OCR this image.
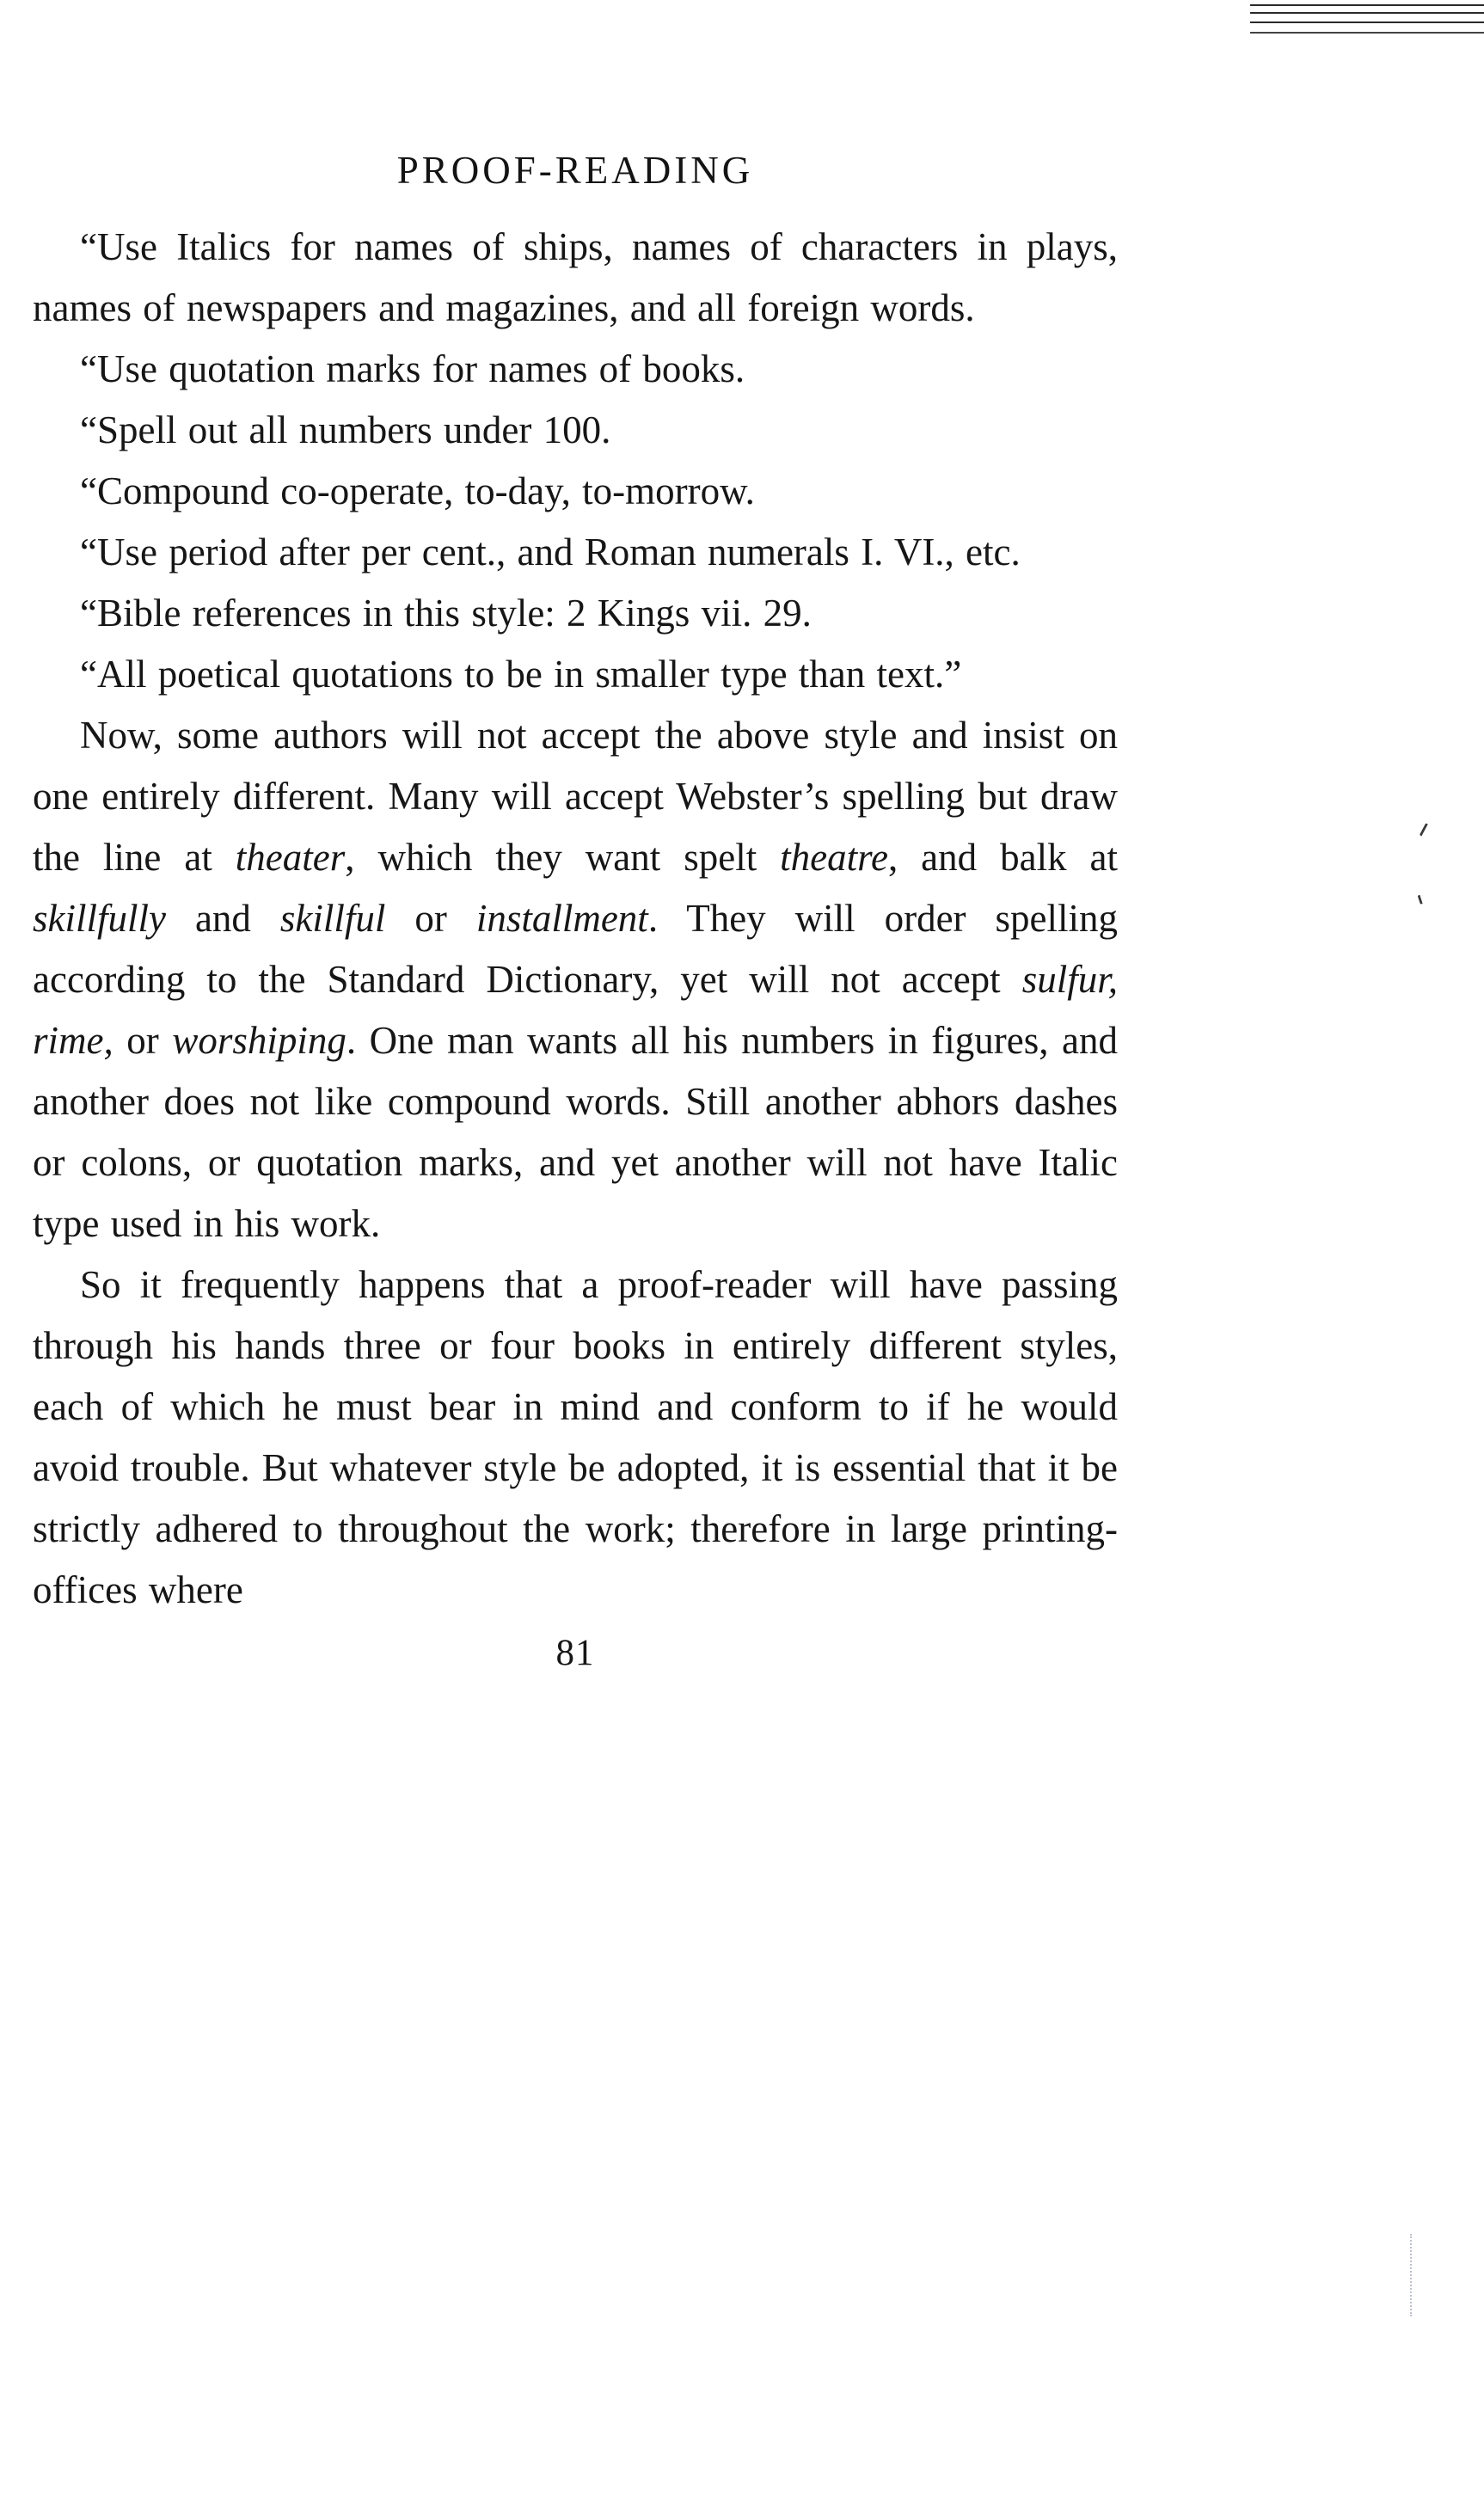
PROOF-READING

“Use Italics for names of ships, names of characters in plays, names of newspapers and magazines, and all foreign words.

“Use quotation marks for names of books.

“Spell out all numbers under 100.

“Compound co-operate, to-day, to-morrow.

“Use period after per cent., and Roman numerals I. VI., etc.

“Bible references in this style: 2 Kings vii. 29.

“All poetical quotations to be in smaller type than text.”

Now, some authors will not accept the above style and insist on one entirely different. Many will accept Webster’s spelling but draw the line at theater, which they want spelt theatre, and balk at skillfully and skillful or installment. They will order spelling according to the Standard Dictionary, yet will not accept sulfur, rime, or worshiping. One man wants all his numbers in figures, and another does not like compound words. Still another abhors dashes or colons, or quotation marks, and yet another will not have Italic type used in his work.

So it frequently happens that a proof-reader will have passing through his hands three or four books in entirely different styles, each of which he must bear in mind and conform to if he would avoid trouble. But whatever style be adopted, it is essential that it be strictly adhered to throughout the work; therefore in large printing-offices where

81
